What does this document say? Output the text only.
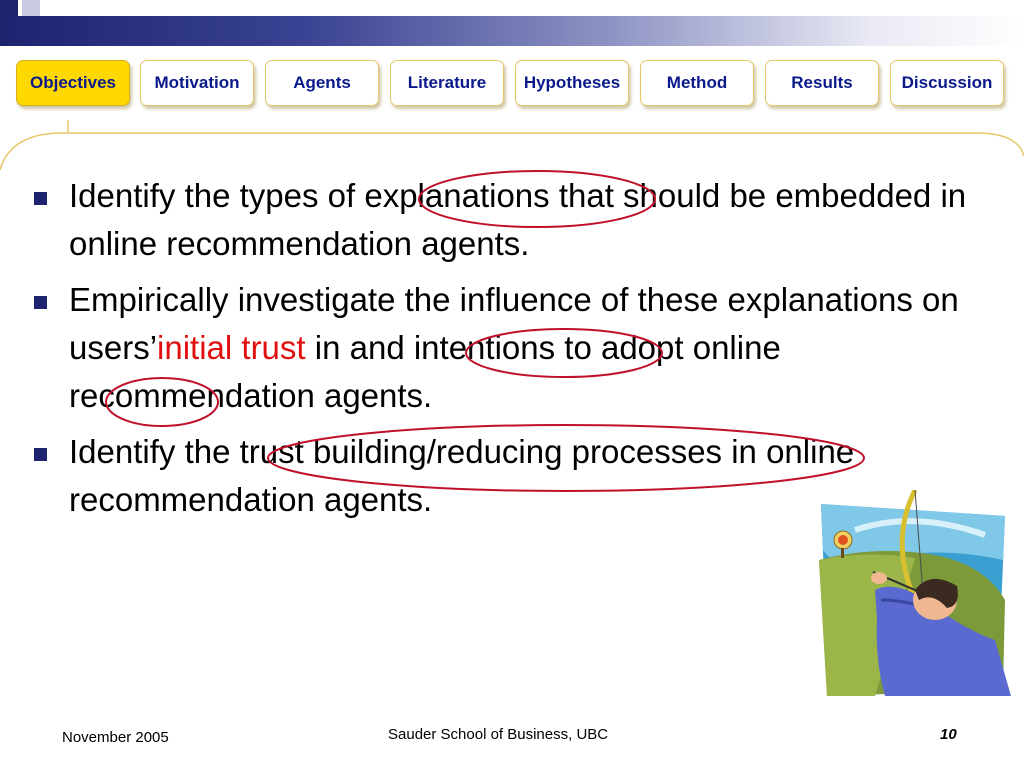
Objectives	Motivation	Agents	Literature	Hypotheses	Method	Results	Discussion
Identify the types of explanations that should be embedded in online recommendation agents.
Empirically investigate the influence of these explanations on users’initial trust in and intentions to adopt online recommendation agents.
Identify the trust building/reducing processes in online recommendation agents.
November 2005	Sauder School of Business, UBC	10
